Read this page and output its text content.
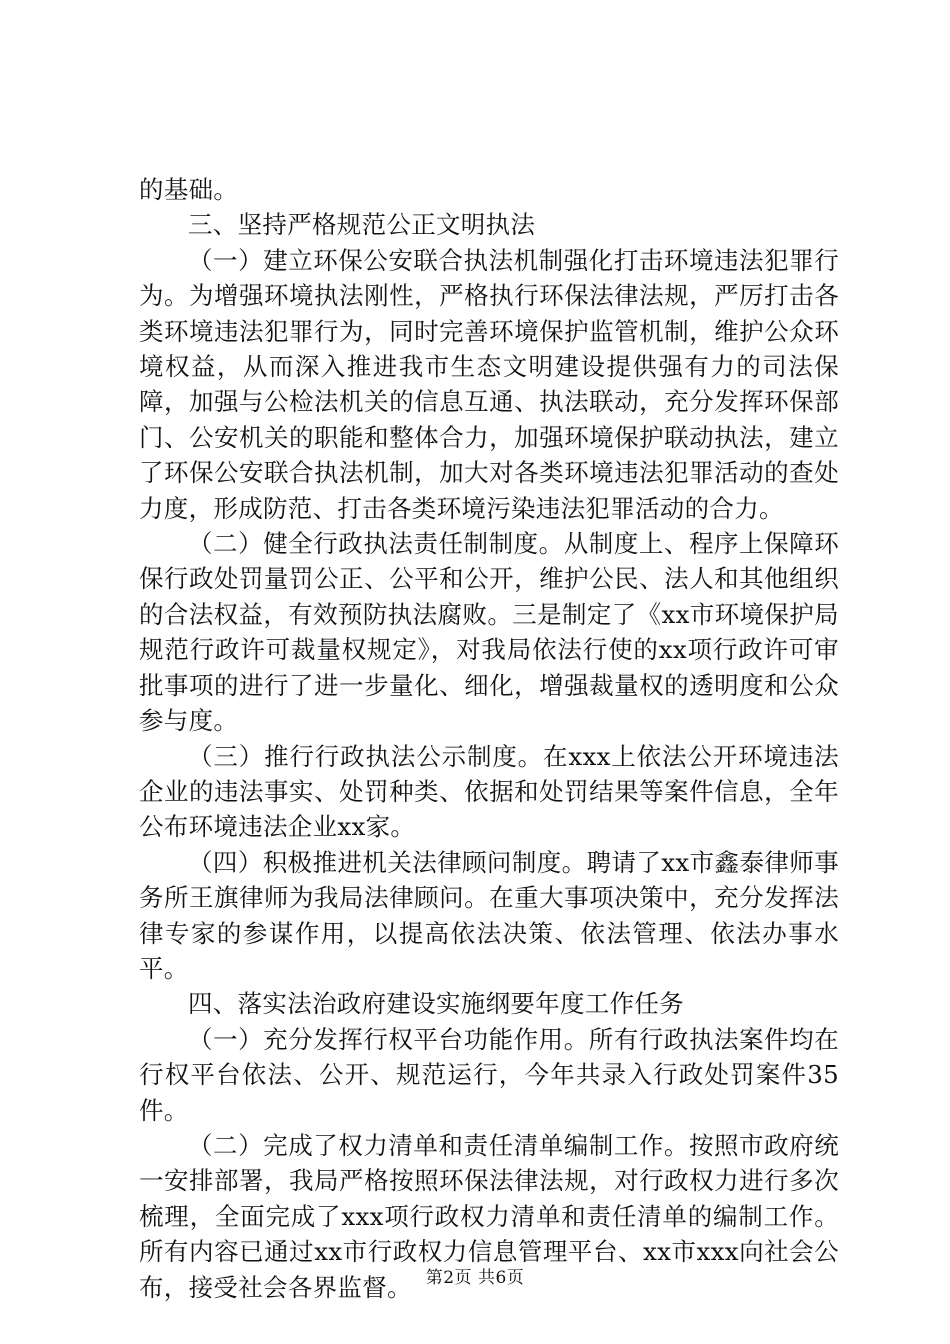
的基础。

三、坚持严格规范公正文明执法

（一）建立环保公安联合执法机制强化打击环境违法犯罪行为。为增强环境执法刚性，严格执行环保法律法规，严厉打击各类环境违法犯罪行为，同时完善环境保护监管机制，维护公众环境权益，从而深入推进我市生态文明建设提供强有力的司法保障，加强与公检法机关的信息互通、执法联动，充分发挥环保部门、公安机关的职能和整体合力，加强环境保护联动执法，建立了环保公安联合执法机制，加大对各类环境违法犯罪活动的查处力度，形成防范、打击各类环境污染违法犯罪活动的合力。

（二）健全行政执法责任制制度。从制度上、程序上保障环保行政处罚量罚公正、公平和公开，维护公民、法人和其他组织的合法权益，有效预防执法腐败。三是制定了《xx市环境保护局规范行政许可裁量权规定》，对我局依法行使的xx项行政许可审批事项的进行了进一步量化、细化，增强裁量权的透明度和公众参与度。

（三）推行行政执法公示制度。在xxx上依法公开环境违法企业的违法事实、处罚种类、依据和处罚结果等案件信息，全年公布环境违法企业xx家。

（四）积极推进机关法律顾问制度。聘请了xx市鑫泰律师事务所王旗律师为我局法律顾问。在重大事项决策中，充分发挥法律专家的参谋作用，以提高依法决策、依法管理、依法办事水平。

四、落实法治政府建设实施纲要年度工作任务

（一）充分发挥行权平台功能作用。所有行政执法案件均在行权平台依法、公开、规范运行，今年共录入行政处罚案件35件。

（二）完成了权力清单和责任清单编制工作。按照市政府统一安排部署，我局严格按照环保法律法规，对行政权力进行多次梳理，全面完成了xxx项行政权力清单和责任清单的编制工作。所有内容已通过xx市行政权力信息管理平台、xx市xxx向社会公布，接受社会各界监督。 第2页 共6页
